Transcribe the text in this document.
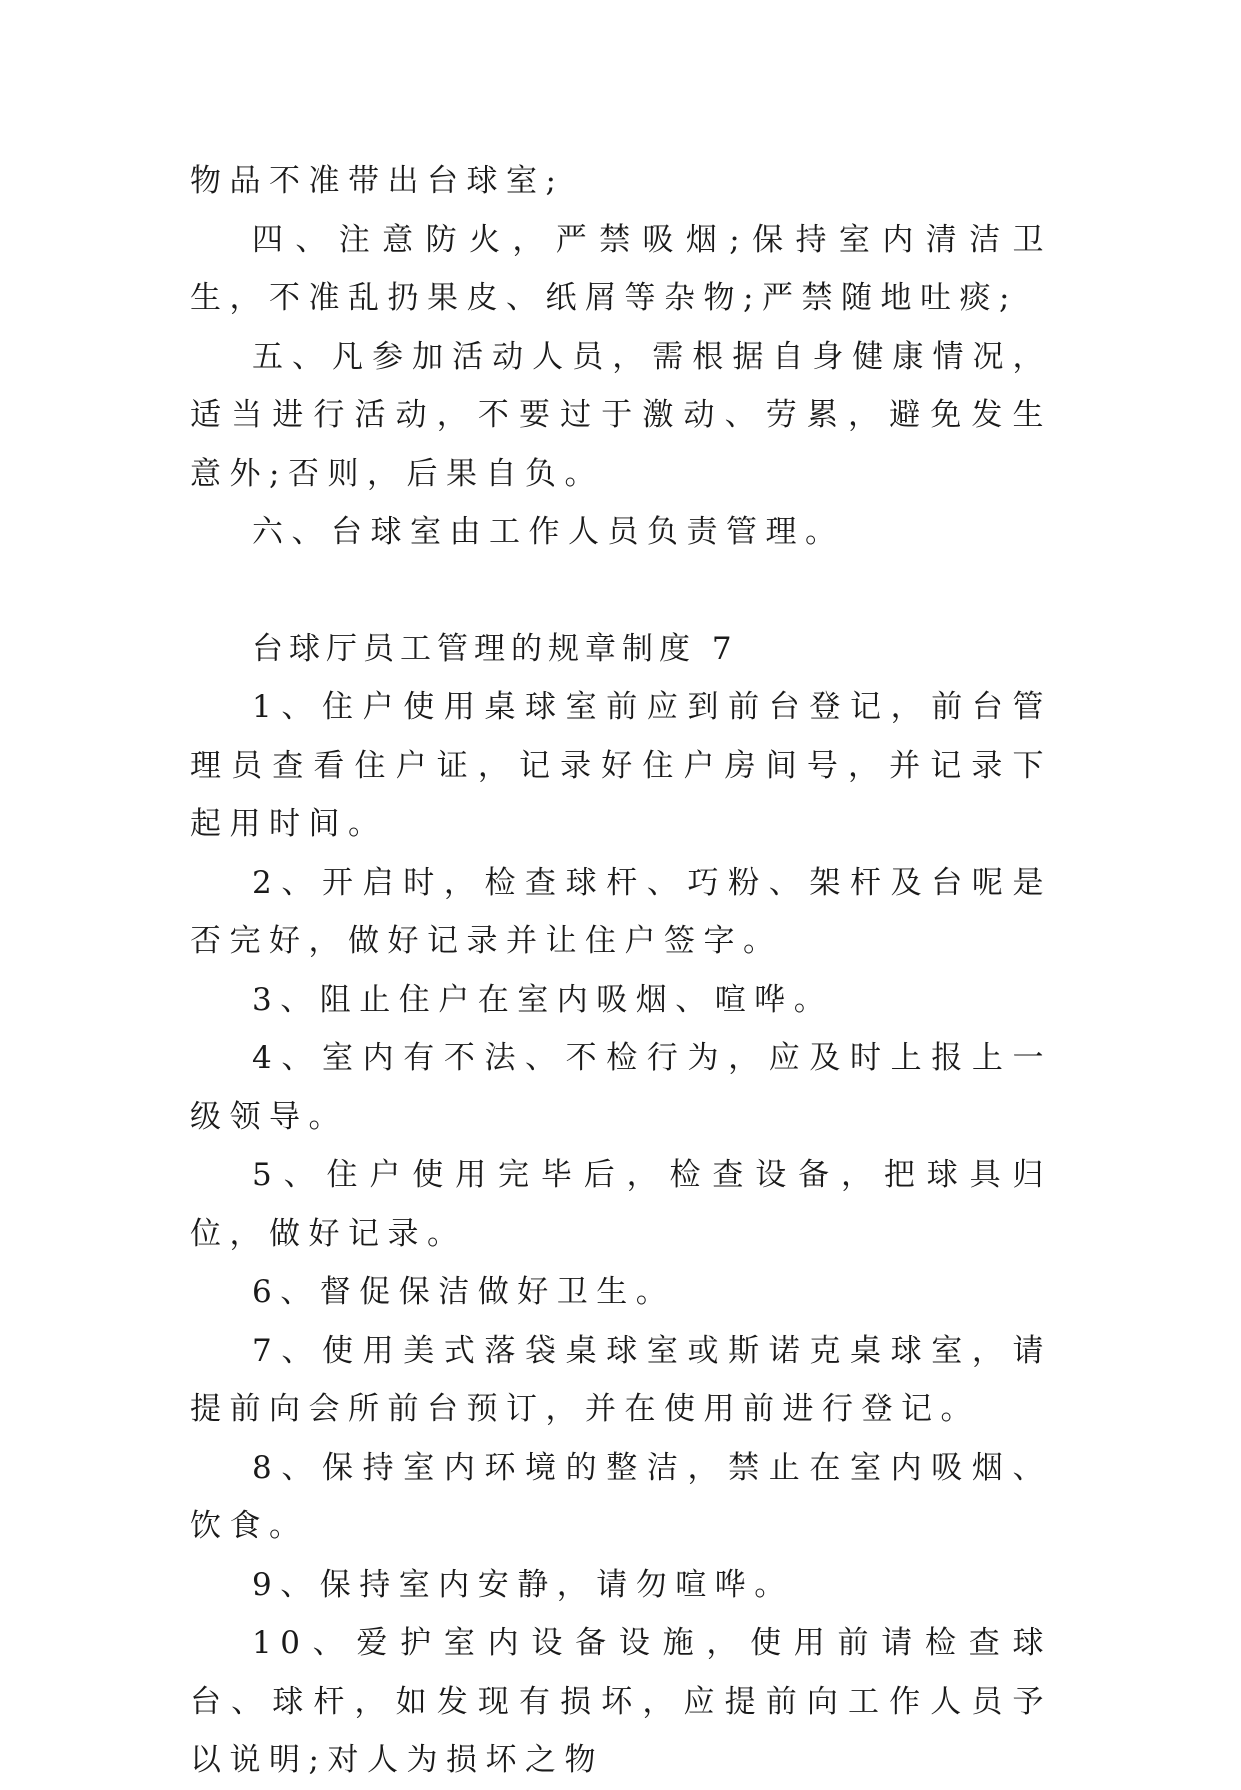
物品不准带出台球室;

四、注意防火，严禁吸烟;保持室内清洁卫生，不准乱扔果皮、纸屑等杂物;严禁随地吐痰;

五、凡参加活动人员，需根据自身健康情况，适当进行活动，不要过于激动、劳累，避免发生意外;否则，后果自负。

六、台球室由工作人员负责管理。

台球厅员工管理的规章制度 7

1、住户使用桌球室前应到前台登记，前台管理员查看住户证，记录好住户房间号，并记录下起用时间。

2、开启时，检查球杆、巧粉、架杆及台呢是否完好，做好记录并让住户签字。

3、阻止住户在室内吸烟、喧哗。

4、室内有不法、不检行为，应及时上报上一级领导。

5、住户使用完毕后，检查设备，把球具归位，做好记录。

6、督促保洁做好卫生。

7、使用美式落袋桌球室或斯诺克桌球室，请提前向会所前台预订，并在使用前进行登记。

8、保持室内环境的整洁，禁止在室内吸烟、饮食。

9、保持室内安静，请勿喧哗。

10、爱护室内设备设施，使用前请检查球台、球杆，如发现有损坏，应提前向工作人员予以说明;对人为损坏之物
